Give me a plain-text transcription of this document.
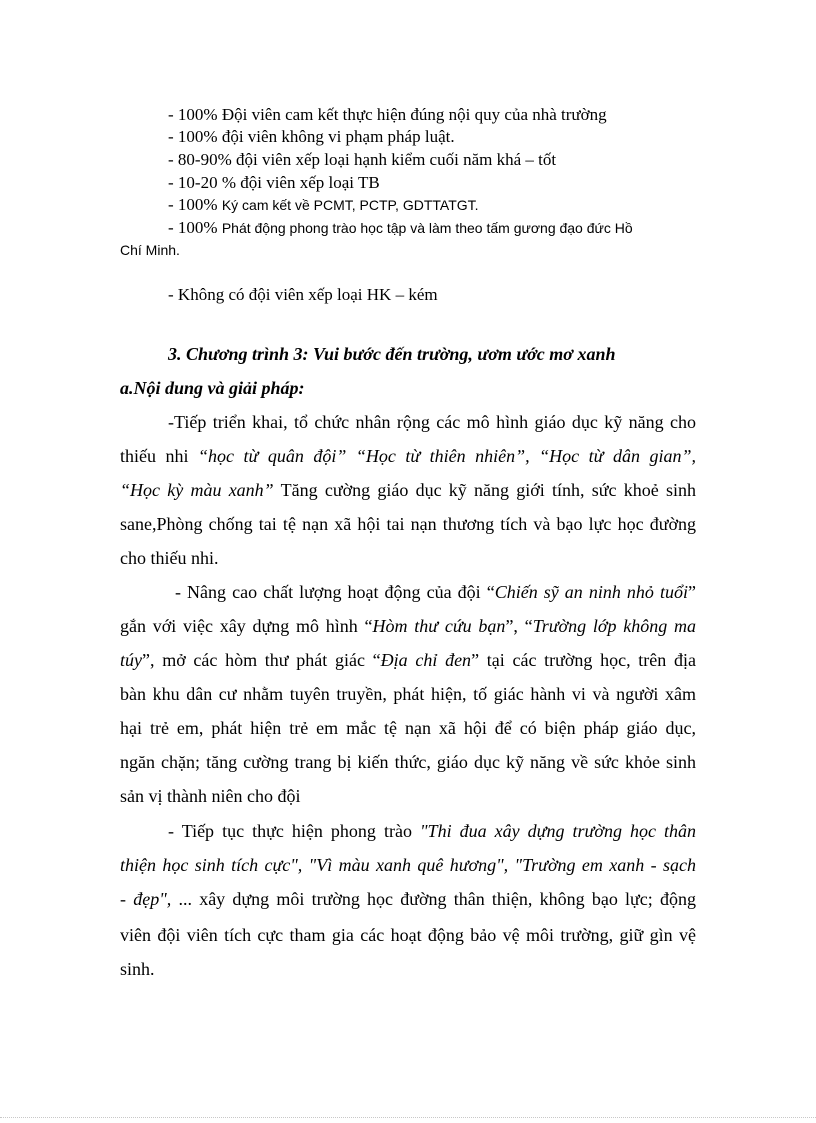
- 100% Đội viên cam kết thực hiện đúng nội quy của nhà trường
- 100% đội viên không vi phạm pháp luật.
- 80-90% đội viên xếp loại hạnh kiểm cuối năm khá – tốt
- 10-20 % đội viên xếp loại TB
- 100% Ký cam kết về PCMT, PCTP, GDTTATGT.
- 100% Phát động phong trào học tập và làm theo tấm gương đạo đức Hồ
Chí Minh.
- Không có đội viên xếp loại HK – kém
3. Chương trình 3: Vui bước đến trường, ươm ước mơ xanh
a.Nội dung và giải pháp:
-Tiếp triển khai, tổ chức nhân rộng các mô hình giáo dục kỹ năng cho
thiếu nhi “học từ quân đội” “Học từ thiên nhiên”, “Học từ dân gian”,
“Học kỳ màu xanh” Tăng cường giáo dục kỹ năng giới tính, sức khoẻ sinh
sane,Phòng chống tai tệ nạn xã hội tai nạn thương tích và bạo lực học đường
cho thiếu nhi.
- Nâng cao chất lượng hoạt động của đội “Chiến sỹ an ninh nhỏ tuổi”
gắn với việc xây dựng mô hình “Hòm thư cứu bạn”, “Trường lớp không ma
túy”, mở các hòm thư phát giác “Địa chỉ đen” tại các trường học, trên địa
bàn khu dân cư nhằm tuyên truyền, phát hiện, tố giác hành vi và người xâm
hại trẻ em, phát hiện trẻ em mắc tệ nạn xã hội để có biện pháp giáo dục,
ngăn chặn; tăng cường trang bị kiến thức, giáo dục kỹ năng về sức khỏe sinh
sản vị thành niên cho đội
- Tiếp tục thực hiện phong trào "Thi đua xây dựng trường học thân
thiện học sinh tích cực", "Vì màu xanh quê hương", "Trường em xanh - sạch
- đẹp", ... xây dựng môi trường học đường thân thiện, không bạo lực; động
viên đội viên tích cực tham gia các hoạt động bảo vệ môi trường, giữ gìn vệ
sinh.
